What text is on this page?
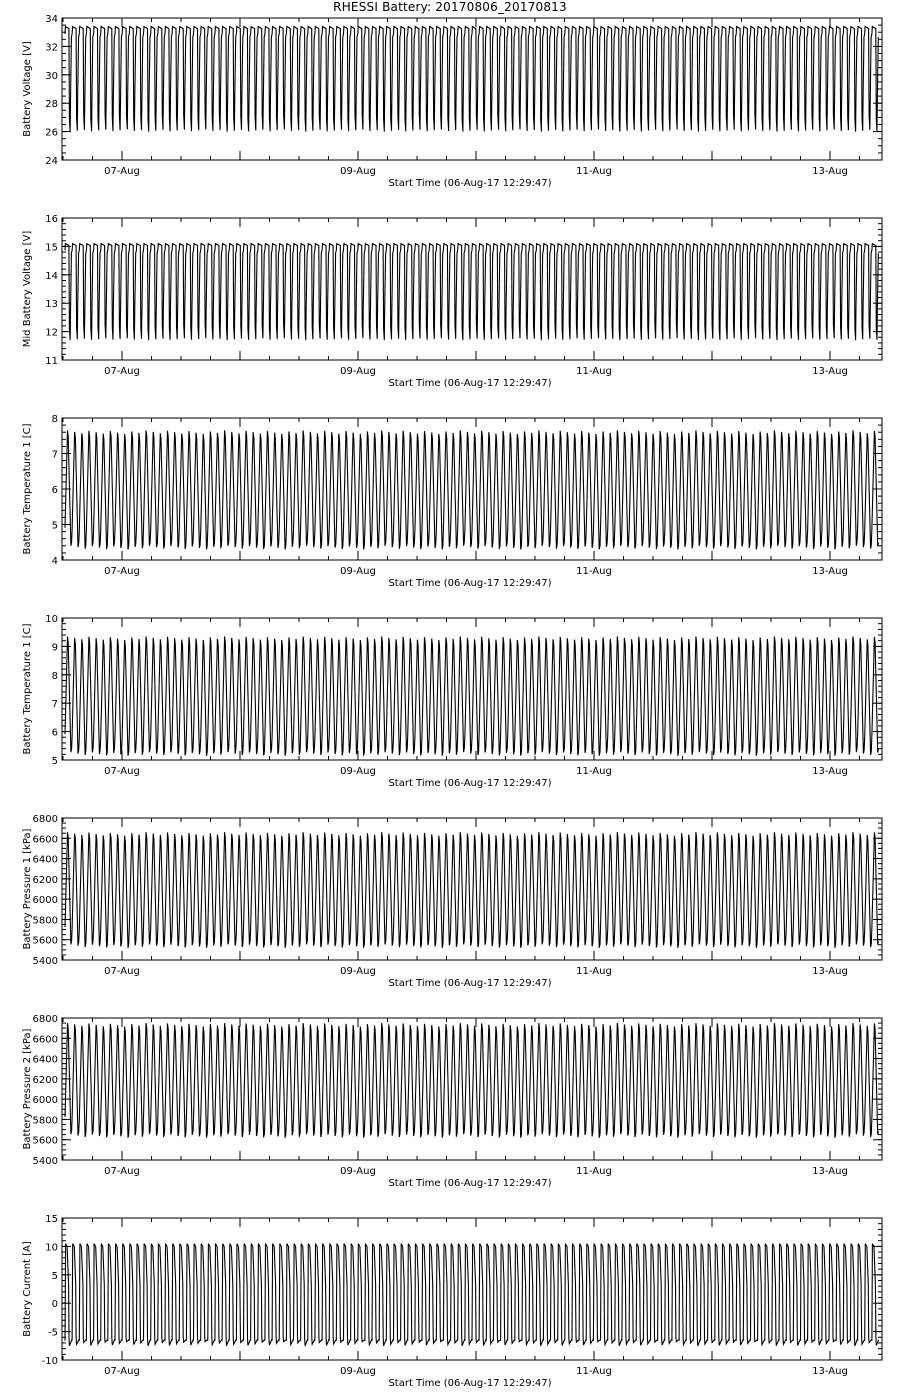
RHESSI Battery: 20170806_20170813
24
26
28
30
32
34
07-Aug	09-Aug	11-Aug	13-Aug
Start Time (06-Aug-17 12:29:47)
Battery Voltage [V]
11
12
13
14
15
16
07-Aug	09-Aug	11-Aug	13-Aug
Start Time (06-Aug-17 12:29:47)
Mid Battery Voltage [V]
4
5
6
7
8
07-Aug	09-Aug	11-Aug	13-Aug
Start Time (06-Aug-17 12:29:47)
Battery Temperature 1 [C]
5
6
7
8
9
10
07-Aug	09-Aug	11-Aug	13-Aug
Start Time (06-Aug-17 12:29:47)
Battery Temperature 1 [C]
5400
5600
5800
6000
6200
6400
6600
6800
07-Aug	09-Aug	11-Aug	13-Aug
Start Time (06-Aug-17 12:29:47)
Battery Pressure 1 [kPa]
5400
5600
5800
6000
6200
6400
6600
6800
07-Aug	09-Aug	11-Aug	13-Aug
Start Time (06-Aug-17 12:29:47)
Battery Pressure 2 [kPa]
-10
-5
0
5
10
15
07-Aug	09-Aug	11-Aug	13-Aug
Start Time (06-Aug-17 12:29:47)
Battery Current [A]
